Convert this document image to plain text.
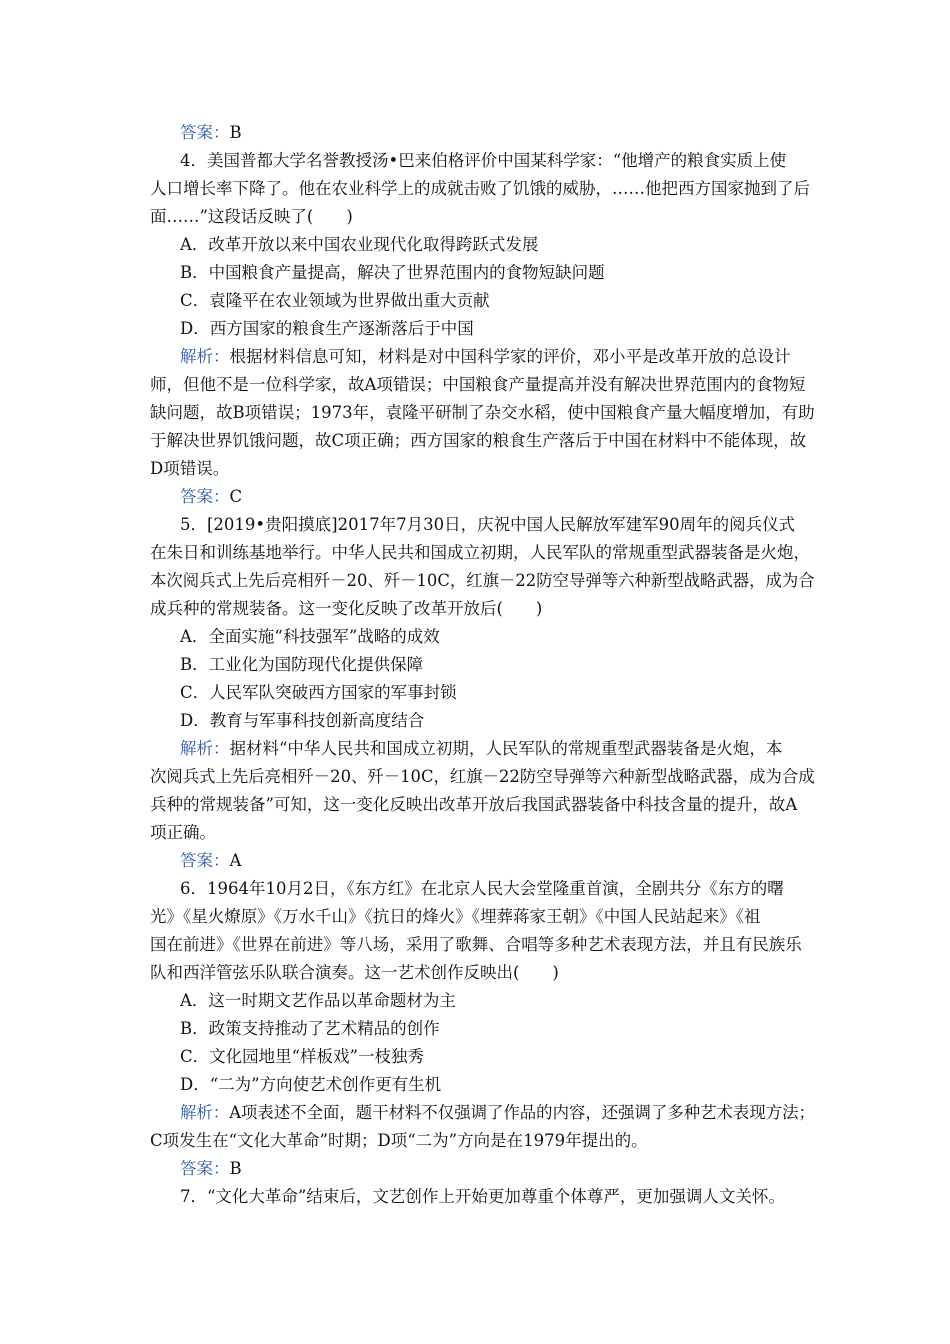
答案：B
4．美国普都大学名誉教授汤•巴来伯格评价中国某科学家：“他增产的粮食实质上使
人口增长率下降了。他在农业科学上的成就击败了饥饿的威胁，……他把西方国家抛到了后
面……”这段话反映了(　　)
A．改革开放以来中国农业现代化取得跨跃式发展
B．中国粮食产量提高，解决了世界范围内的食物短缺问题
C．袁隆平在农业领域为世界做出重大贡献
D．西方国家的粮食生产逐渐落后于中国
解析：根据材料信息可知，材料是对中国科学家的评价，邓小平是改革开放的总设计
师，但他不是一位科学家，故A项错误；中国粮食产量提高并没有解决世界范围内的食物短
缺问题，故B项错误；1973年，袁隆平研制了杂交水稻，使中国粮食产量大幅度增加，有助
于解决世界饥饿问题，故C项正确；西方国家的粮食生产落后于中国在材料中不能体现，故
D项错误。
答案：C
5．[2019•贵阳摸底]2017年7月30日，庆祝中国人民解放军建军90周年的阅兵仪式
在朱日和训练基地举行。中华人民共和国成立初期，人民军队的常规重型武器装备是火炮，
本次阅兵式上先后亮相歼－20、歼－10C，红旗－22防空导弹等六种新型战略武器，成为合
成兵种的常规装备。这一变化反映了改革开放后(　　)
A．全面实施“科技强军”战略的成效
B．工业化为国防现代化提供保障
C．人民军队突破西方国家的军事封锁
D．教育与军事科技创新高度结合
解析：据材料“中华人民共和国成立初期，人民军队的常规重型武器装备是火炮，本
次阅兵式上先后亮相歼－20、歼－10C，红旗－22防空导弹等六种新型战略武器，成为合成
兵种的常规装备”可知，这一变化反映出改革开放后我国武器装备中科技含量的提升，故A
项正确。
答案：A
6．1964年10月2日，《东方红》在北京人民大会堂隆重首演，全剧共分《东方的曙
光》《星火燎原》《万水千山》《抗日的烽火》《埋葬蒋家王朝》《中国人民站起来》《祖
国在前进》《世界在前进》等八场，采用了歌舞、合唱等多种艺术表现方法，并且有民族乐
队和西洋管弦乐队联合演奏。这一艺术创作反映出(　　)
A．这一时期文艺作品以革命题材为主
B．政策支持推动了艺术精品的创作
C．文化园地里“样板戏”一枝独秀
D．“二为”方向使艺术创作更有生机
解析：A项表述不全面，题干材料不仅强调了作品的内容，还强调了多种艺术表现方法；
C项发生在“文化大革命”时期；D项“二为”方向是在1979年提出的。
答案：B
7．“文化大革命”结束后，文艺创作上开始更加尊重个体尊严，更加强调人文关怀。
